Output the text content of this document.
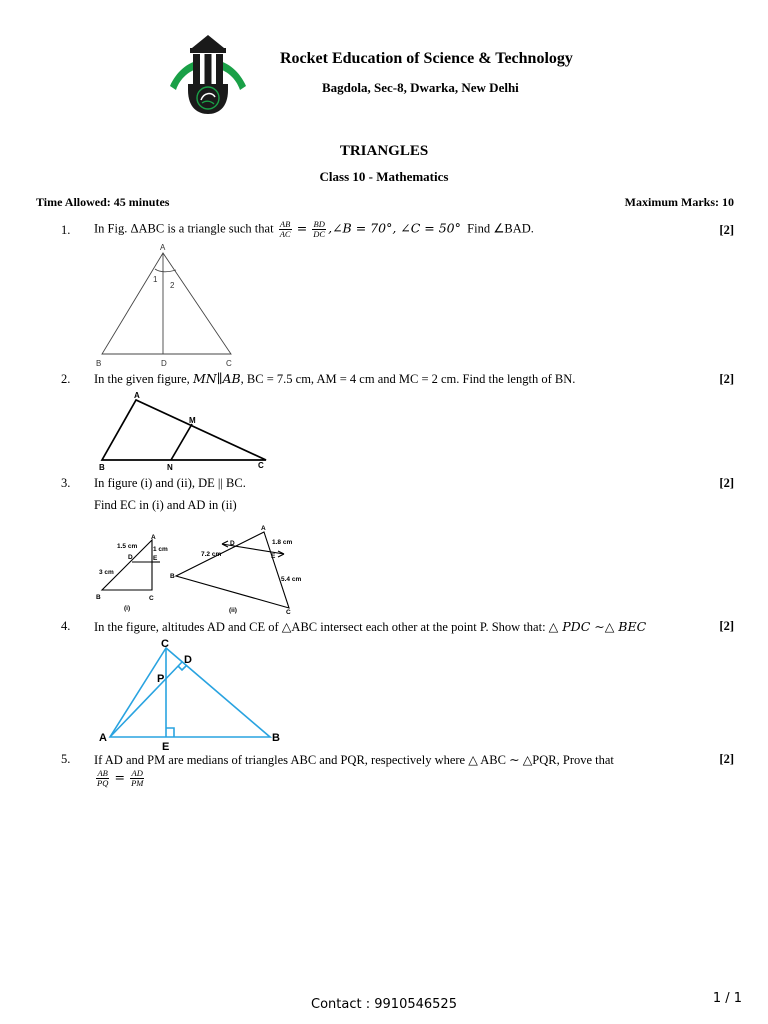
Rocket Education of Science & Technology
Bagdola, Sec-8, Dwarka, New Delhi
TRIANGLES
Class 10 - Mathematics
Time Allowed: 45 minutes	Maximum Marks: 10
1. In Fig. ΔABC is a triangle such that $\frac{AB}{AC} = \frac{BD}{DC}$ ,∠B = 70°, ∠C = 50° Find ∠BAD.	[2]
A
B	D	C
1
2
2. In the given figure, MN∥AB, BC = 7.5 cm, AM = 4 cm and MC = 2 cm. Find the length of BN.	[2]
A
M
B	N	C
3. In figure (i) and (ii), DE || BC.
Find EC in (i) and AD in (ii)
[2]
1.5 cm 1 cm
3 cm
A
D	E
B	C
(i)
A
D
E
1.8 cm
7.2 cm
5.4 cm
B
C
(ii)
4. In the figure, altitudes AD and CE of △ABC intersect each other at the point P. Show that: △ PDC ∼△ BEC	[2]
C
D
P
A	B
E
5. If AD and PM are medians of triangles ABC and PQR, respectively where △ ABC ∼ △PQR, Prove that	[2]
$\frac{AB}{PQ} = \frac{AD}{PM}$
Contact : 9910546525	1 / 1
